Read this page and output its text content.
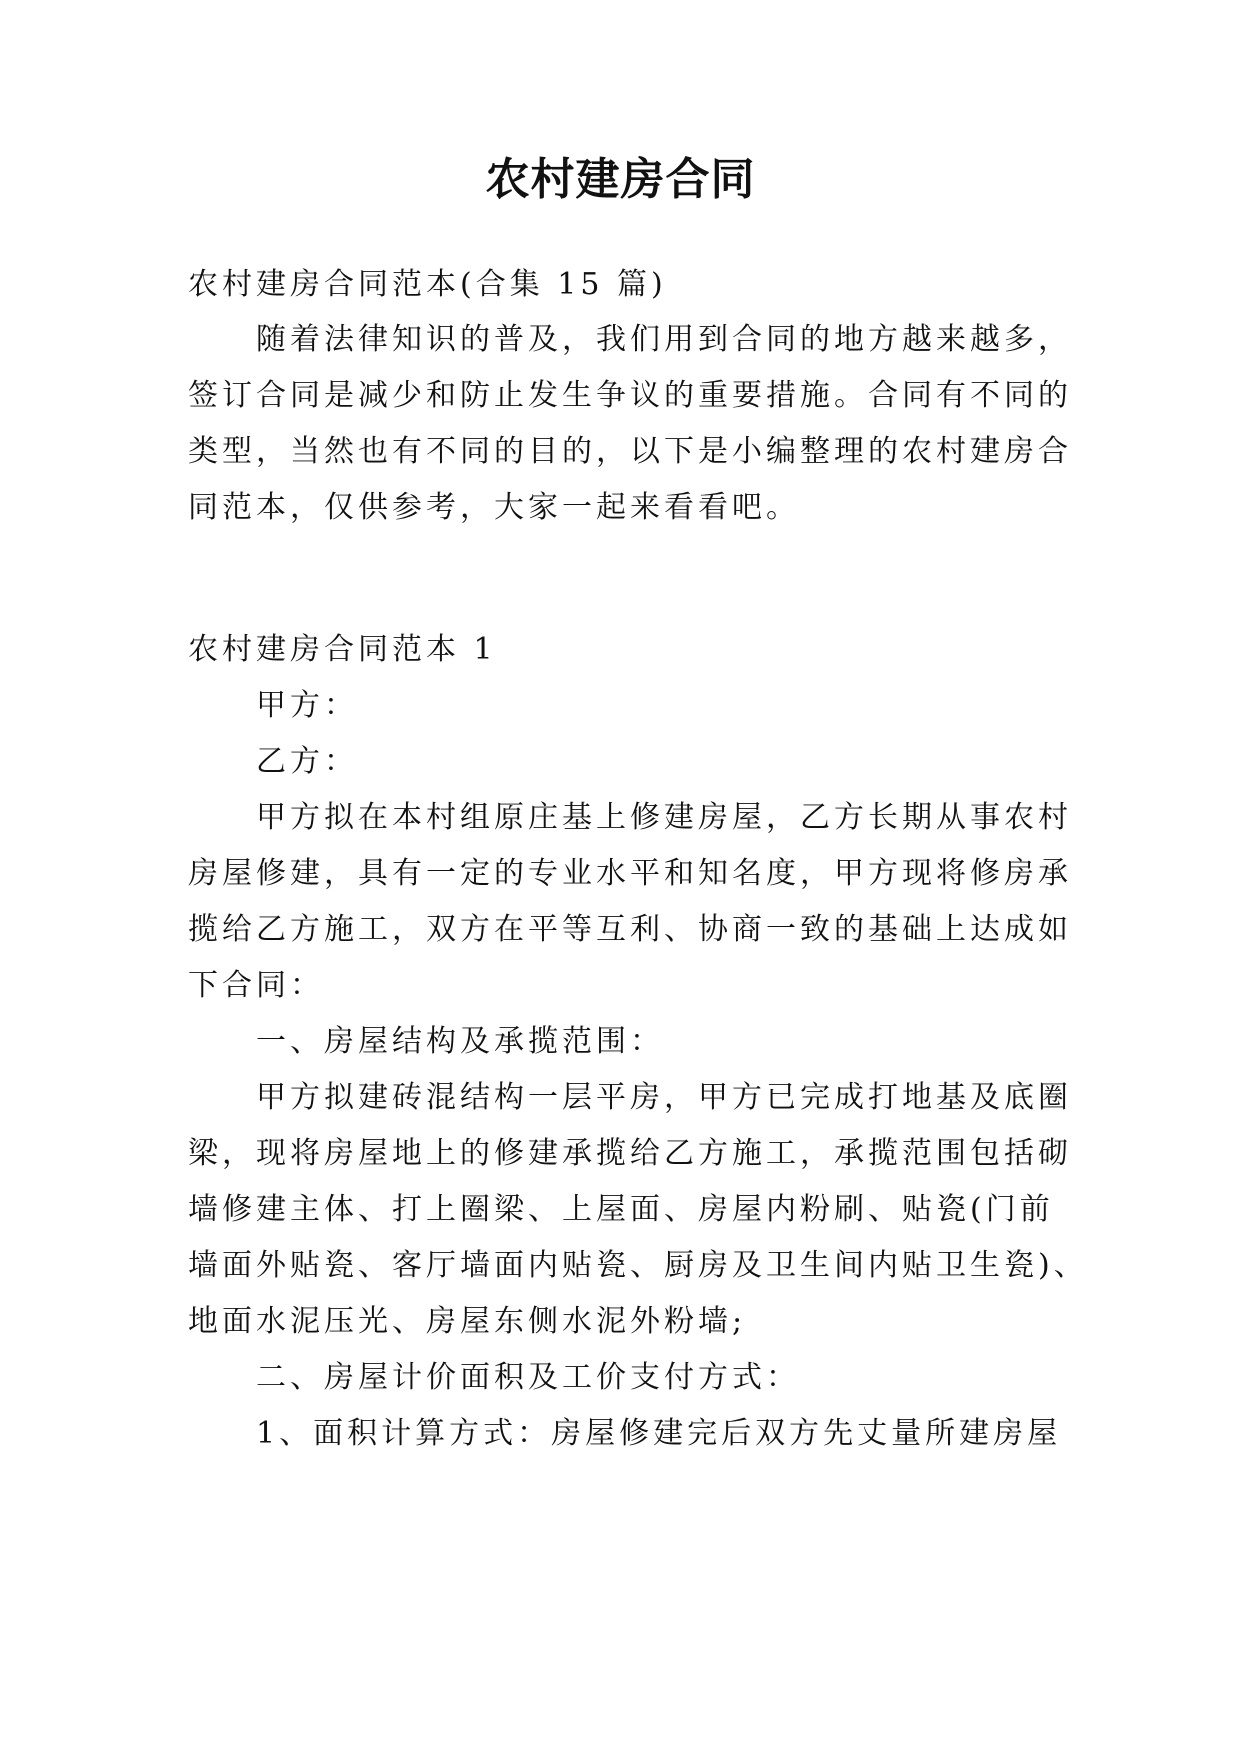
农村建房合同

农村建房合同范本(合集 15 篇)

随着法律知识的普及，我们用到合同的地方越来越多，

签订合同是减少和防止发生争议的重要措施。合同有不同的

类型，当然也有不同的目的，以下是小编整理的农村建房合

同范本，仅供参考，大家一起来看看吧。

农村建房合同范本 1

甲方：

乙方：

甲方拟在本村组原庄基上修建房屋，乙方长期从事农村

房屋修建，具有一定的专业水平和知名度，甲方现将修房承

揽给乙方施工，双方在平等互利、协商一致的基础上达成如

下合同：

一、房屋结构及承揽范围：

甲方拟建砖混结构一层平房，甲方已完成打地基及底圈

梁，现将房屋地上的修建承揽给乙方施工，承揽范围包括砌

墙修建主体、打上圈梁、上屋面、房屋内粉刷、贴瓷(门前

墙面外贴瓷、客厅墙面内贴瓷、厨房及卫生间内贴卫生瓷)、

地面水泥压光、房屋东侧水泥外粉墙;

二、房屋计价面积及工价支付方式：

1、面积计算方式：房屋修建完后双方先丈量所建房屋
